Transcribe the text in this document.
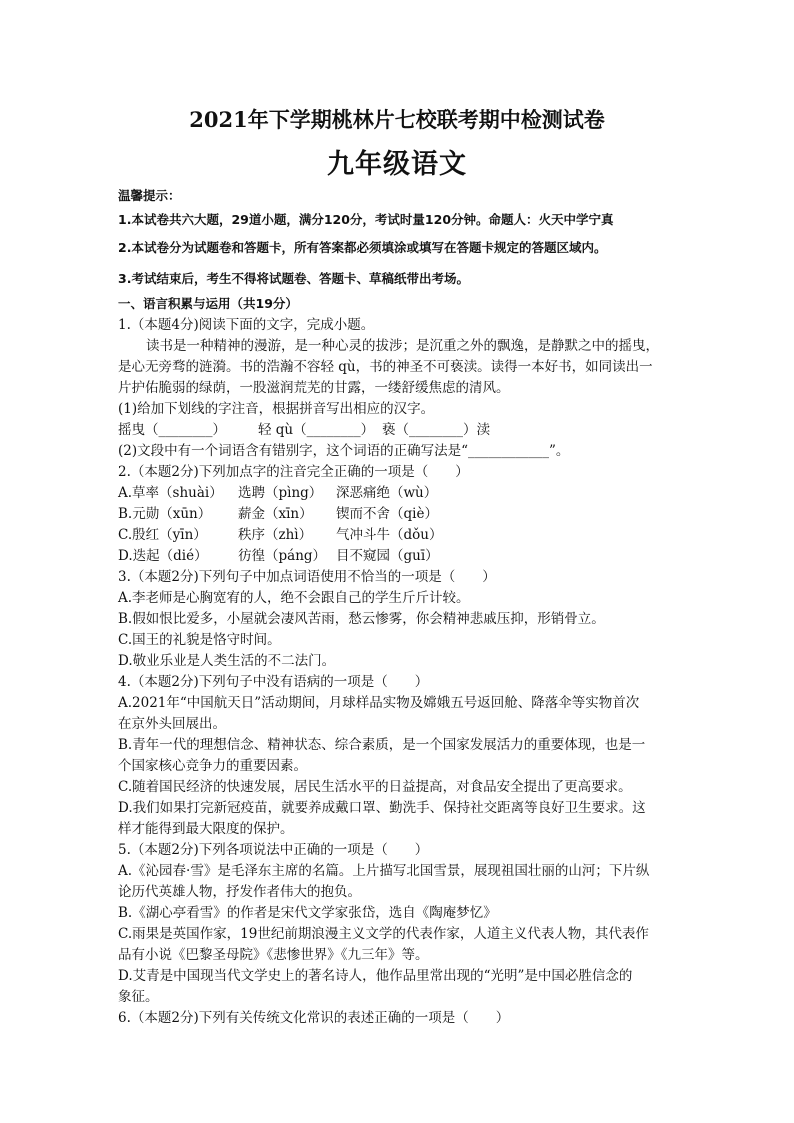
2021年下学期桃林片七校联考期中检测试卷
九年级语文
温馨提示：
1.本试卷共六大题，29道小题，满分120分，考试时量120分钟。命题人：火天中学宁真
2.本试卷分为试题卷和答题卡，所有答案都必须填涂或填写在答题卡规定的答题区域内。
3.考试结束后，考生不得将试题卷、答题卡、草稿纸带出考场。
一、语言积累与运用（共19分）
1.（本题4分)阅读下面的文字，完成小题。
读书是一种精神的漫游，是一种心灵的拔涉；是沉重之外的飘逸，是静默之中的摇曳，
是心无旁骛的涟漪。书的浩瀚不容轻 qù，书的神圣不可亵渎。读得一本好书，如同读出一
片护佑脆弱的绿荫，一股滋润荒芜的甘露，一缕舒缓焦虑的清风。
(1)给加下划线的字注音，根据拼音写出相应的汉字。
摇曳（________） 轻 qù（________） 亵（________）渎
(2)文段中有一个词语含有错别字，这个词语的正确写法是“____________”。
2.（本题2分)下列加点字的注音完全正确的一项是（　　）
A.草率（shuài） 选聘（pìng） 深恶痛绝（wù）
B.元勋（xūn） 薪金（xīn） 锲而不舍（qiè）
C.殷红（yīn） 秩序（zhì） 气冲斗牛（dǒu）
D.迭起（dié） 彷徨（páng） 目不窥园（guī）
3.（本题2分)下列句子中加点词语使用不恰当的一项是（　　）
A.李老师是心胸宽宥的人，绝不会跟自己的学生斤斤计较。
B.假如恨比爱多，小屋就会凄风苦雨，愁云惨雾，你会精神悲戚压抑，形销骨立。
C.国王的礼貌是恪守时间。
D.敬业乐业是人类生活的不二法门。
4.（本题2分)下列句子中没有语病的一项是（　　）
A.2021年“中国航天日”活动期间，月球样品实物及嫦娥五号返回舱、降落伞等实物首次
在京外头回展出。
B.青年一代的理想信念、精神状态、综合素质，是一个国家发展活力的重要体现，也是一
个国家核心竞争力的重要因素。
C.随着国民经济的快速发展，居民生活水平的日益提高，对食品安全提出了更高要求。
D.我们如果打完新冠疫苗，就要养成戴口罩、勤洗手、保持社交距离等良好卫生要求。这
样才能得到最大限度的保护。
5.（本题2分)下列各项说法中正确的一项是（　　）
A.《沁园春·雪》是毛泽东主席的名篇。上片描写北国雪景，展现祖国壮丽的山河；下片纵
论历代英雄人物，抒发作者伟大的抱负。
B.《湖心亭看雪》的作者是宋代文学家张岱，选自《陶庵梦忆》
C.雨果是英国作家，19世纪前期浪漫主义文学的代表作家，人道主义代表人物，其代表作
品有小说《巴黎圣母院》《悲惨世界》《九三年》等。
D.艾青是中国现当代文学史上的著名诗人，他作品里常出现的“光明”是中国必胜信念的
象征。
6.（本题2分)下列有关传统文化常识的表述正确的一项是（　　）
